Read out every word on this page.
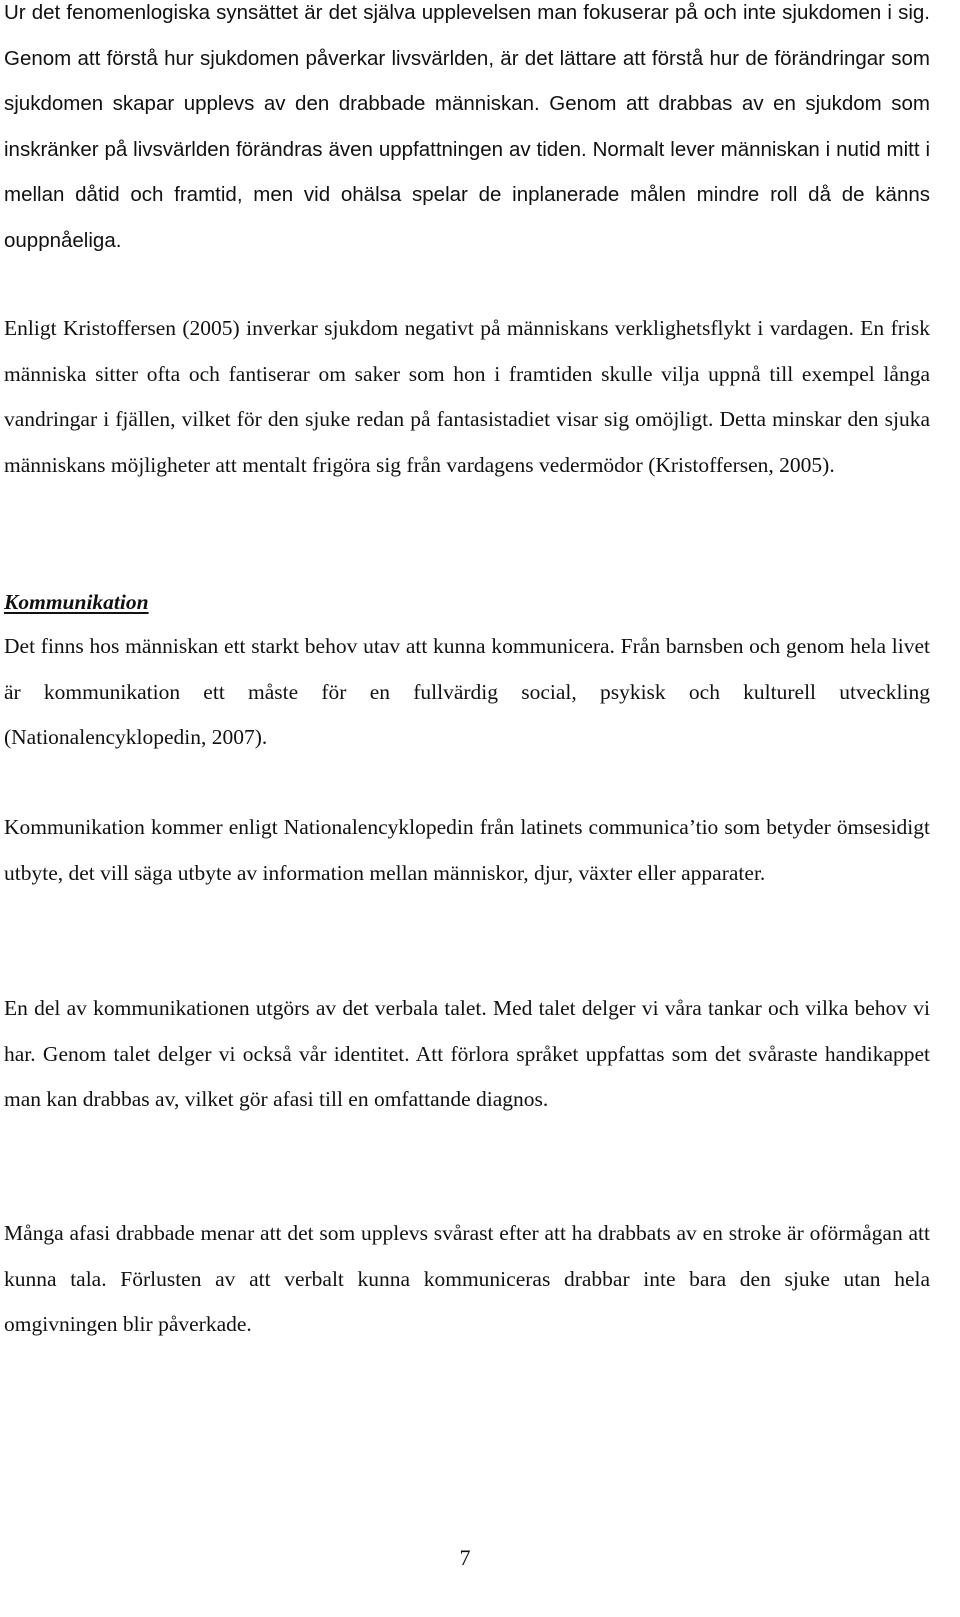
Ur det fenomenlogiska synsättet är det själva upplevelsen man fokuserar på och inte sjukdomen i sig. Genom att förstå hur sjukdomen påverkar livsvärlden, är det lättare att förstå hur de förändringar som sjukdomen skapar upplevs av den drabbade människan. Genom att drabbas av en sjukdom som inskränker på livsvärlden förändras även uppfattningen av tiden. Normalt lever människan i nutid mitt i mellan dåtid och framtid, men vid ohälsa spelar de inplanerade målen mindre roll då de känns ouppnåeliga.

Enligt Kristoffersen (2005) inverkar sjukdom negativt på människans verklighetsflykt i vardagen. En frisk människa sitter ofta och fantiserar om saker som hon i framtiden skulle vilja uppnå till exempel långa vandringar i fjällen, vilket för den sjuke redan på fantasistadiet visar sig omöjligt. Detta minskar den sjuka människans möjligheter att mentalt frigöra sig från vardagens vedermödor (Kristoffersen, 2005).

Kommunikation

Det finns hos människan ett starkt behov utav att kunna kommunicera. Från barnsben och genom hela livet är kommunikation ett måste för en fullvärdig social, psykisk och kulturell utveckling (Nationalencyklopedin, 2007).

Kommunikation kommer enligt Nationalencyklopedin från latinets communica’tio som betyder ömsesidigt utbyte, det vill säga utbyte av information mellan människor, djur, växter eller apparater.

En del av kommunikationen utgörs av det verbala talet. Med talet delger vi våra tankar och vilka behov vi har. Genom talet delger vi också vår identitet. Att förlora språket uppfattas som det svåraste handikappet man kan drabbas av, vilket gör afasi till en omfattande diagnos.

Många afasi drabbade menar att det som upplevs svårast efter att ha drabbats av en stroke är oförmågan att kunna tala. Förlusten av att verbalt kunna kommuniceras drabbar inte bara den sjuke utan hela omgivningen blir påverkade.

7
